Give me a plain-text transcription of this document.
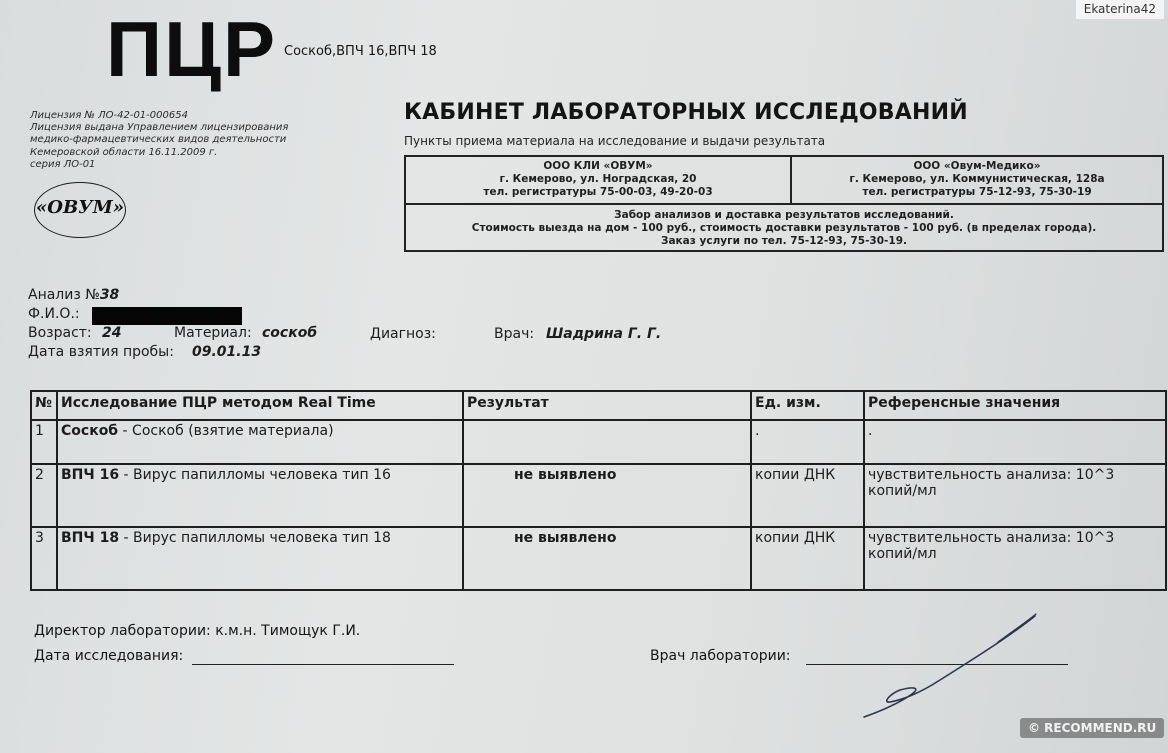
ПЦР Соскоб,ВПЧ 16,ВПЧ 18
Ekaterina42
Лицензия № ЛО-42-01-000654
Лицензия выдана Управлением лицензирования
медико-фармацевтических видов деятельности
Кемеровской области 16.11.2009 г.
серия ЛО-01
«ОВУМ»
КАБИНЕТ ЛАБОРАТОРНЫХ ИССЛЕДОВАНИЙ
Пункты приема материала на исследование и выдачи результата
ООО КЛИ «ОВУМ»
г. Кемерово, ул. Ноградская, 20
тел. регистратуры 75-00-03, 49-20-03
ООО «Овум-Медико»
г. Кемерово, ул. Коммунистическая, 128а
тел. регистратуры 75-12-93, 75-30-19
Забор анализов и доставка результатов исследований.
Стоимость выезда на дом - 100 руб., стоимость доставки результатов - 100 руб. (в пределах города).
Заказ услуги по тел. 75-12-93, 75-30-19.
Анализ №38
Ф.И.О.:
Возраст: 24	Материал: соскоб	Диагноз:	Врач: Шадрина Г. Г.
Дата взятия пробы: 09.01.13
№	Исследование ПЦР методом Real Time	Результат	Ед. изм.	Референсные значения
1	Соскоб - Соскоб (взятие материала)		.	.

2	ВПЧ 16 - Вирус папилломы человека тип 16	не выявлено	копии ДНК	чувствительность анализа: 10^3
копий/мл

3	ВПЧ 18 - Вирус папилломы человека тип 18	не выявлено	копии ДНК	чувствительность анализа: 10^3
копий/мл
Директор лаборатории: к.м.н. Тимощук Г.И.
Дата исследования:	Врач лаборатории:
© RECOMMEND.RU
